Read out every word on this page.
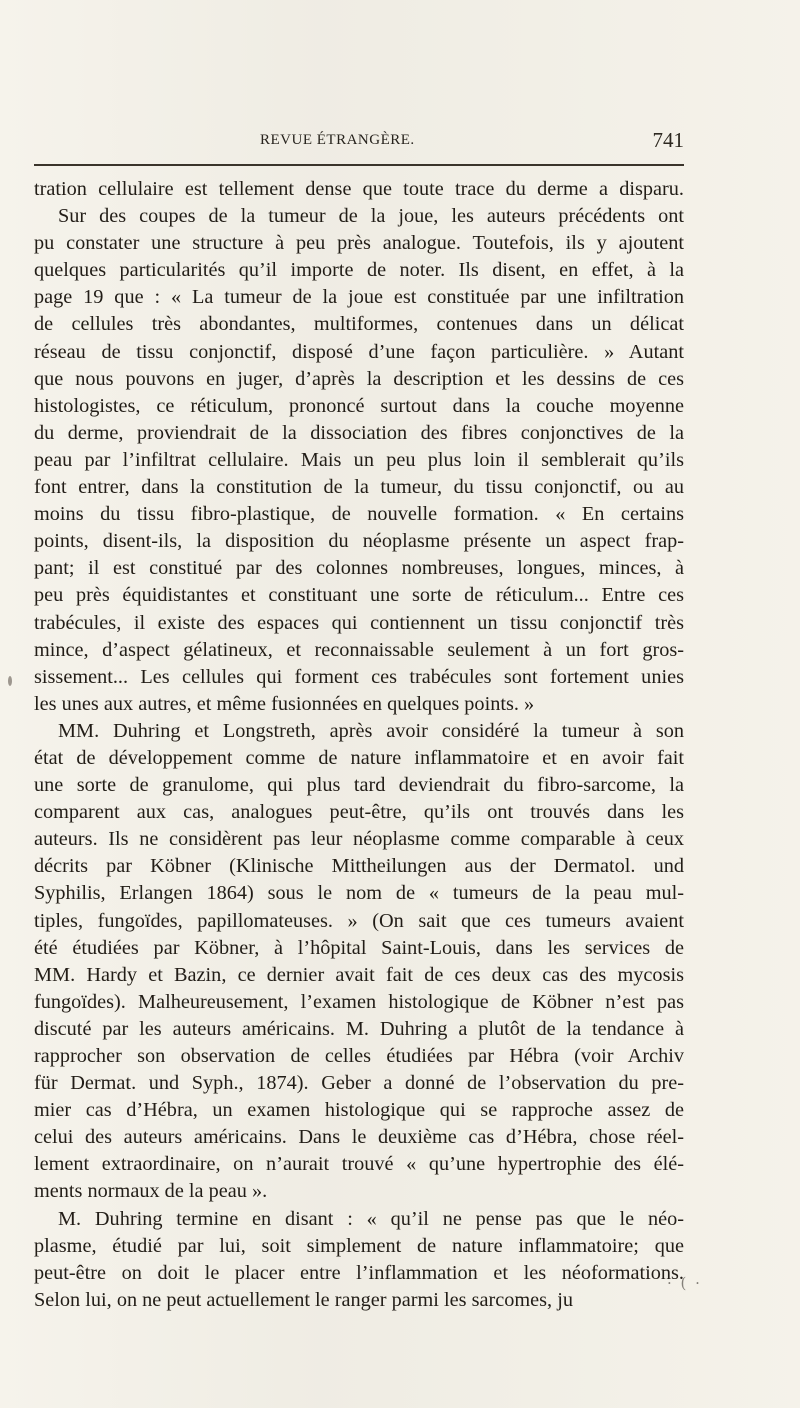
REVUE ÉTRANGÈRE.	741
tration cellulaire est tellement dense que toute trace du derme a disparu.
Sur des coupes de la tumeur de la joue, les auteurs précédents ont
pu constater une structure à peu près analogue. Toutefois, ils y ajoutent
quelques particularités qu’il importe de noter. Ils disent, en effet, à la
page 19 que : « La tumeur de la joue est constituée par une infiltration
de cellules très abondantes, multiformes, contenues dans un délicat
réseau de tissu conjonctif, disposé d’une façon particulière. » Autant
que nous pouvons en juger, d’après la description et les dessins de ces
histologistes, ce réticulum, prononcé surtout dans la couche moyenne
du derme, proviendrait de la dissociation des fibres conjonctives de la
peau par l’infiltrat cellulaire. Mais un peu plus loin il semblerait qu’ils
font entrer, dans la constitution de la tumeur, du tissu conjonctif, ou au
moins du tissu fibro-plastique, de nouvelle formation. « En certains
points, disent-ils, la disposition du néoplasme présente un aspect frap-
pant; il est constitué par des colonnes nombreuses, longues, minces, à
peu près équidistantes et constituant une sorte de réticulum... Entre ces
trabécules, il existe des espaces qui contiennent un tissu conjonctif très
mince, d’aspect gélatineux, et reconnaissable seulement à un fort gros-
sissement... Les cellules qui forment ces trabécules sont fortement unies
les unes aux autres, et même fusionnées en quelques points. »
MM. Duhring et Longstreth, après avoir considéré la tumeur à son
état de développement comme de nature inflammatoire et en avoir fait
une sorte de granulome, qui plus tard deviendrait du fibro-sarcome, la
comparent aux cas, analogues peut-être, qu’ils ont trouvés dans les
auteurs. Ils ne considèrent pas leur néoplasme comme comparable à ceux
décrits par Köbner (Klinische Mittheilungen aus der Dermatol. und
Syphilis, Erlangen 1864) sous le nom de « tumeurs de la peau mul-
tiples, fungoïdes, papillomateuses. » (On sait que ces tumeurs avaient
été étudiées par Köbner, à l’hôpital Saint-Louis, dans les services de
MM. Hardy et Bazin, ce dernier avait fait de ces deux cas des mycosis
fungoïdes). Malheureusement, l’examen histologique de Köbner n’est pas
discuté par les auteurs américains. M. Duhring a plutôt de la tendance à
rapprocher son observation de celles étudiées par Hébra (voir Archiv
für Dermat. und Syph., 1874). Geber a donné de l’observation du pre-
mier cas d’Hébra, un examen histologique qui se rapproche assez de
celui des auteurs américains. Dans le deuxième cas d’Hébra, chose réel-
lement extraordinaire, on n’aurait trouvé « qu’une hypertrophie des élé-
ments normaux de la peau ».
M. Duhring termine en disant : « qu’il ne pense pas que le néo-
plasme, étudié par lui, soit simplement de nature inflammatoire; que
peut-être on doit le placer entre l’inflammation et les néoformations.
Selon lui, on ne peut actuellement le ranger parmi les sarcomes, ju
· ( ·
